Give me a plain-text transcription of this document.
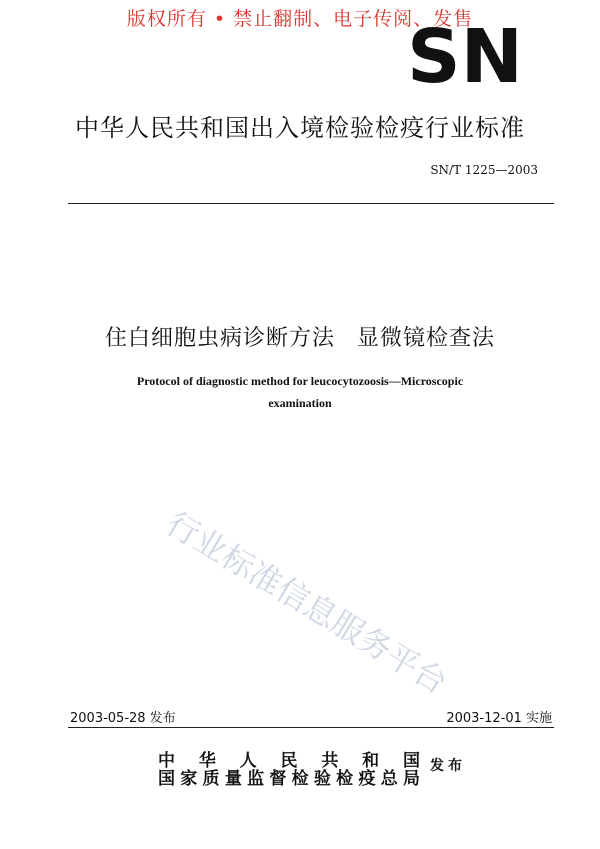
版权所有 • 禁止翻制、电子传阅、发售
SN
中华人民共和国出入境检验检疫行业标准
SN/T 1225—2003
住白细胞虫病诊断方法 显微镜检查法
Protocol of diagnostic method for leucocytozoosis—Microscopic
examination
行业标准信息服务平台
2003-05-28 发布	2003-12-01 实施
中华人民共和国
国家质量监督检验检疫总局
发布
